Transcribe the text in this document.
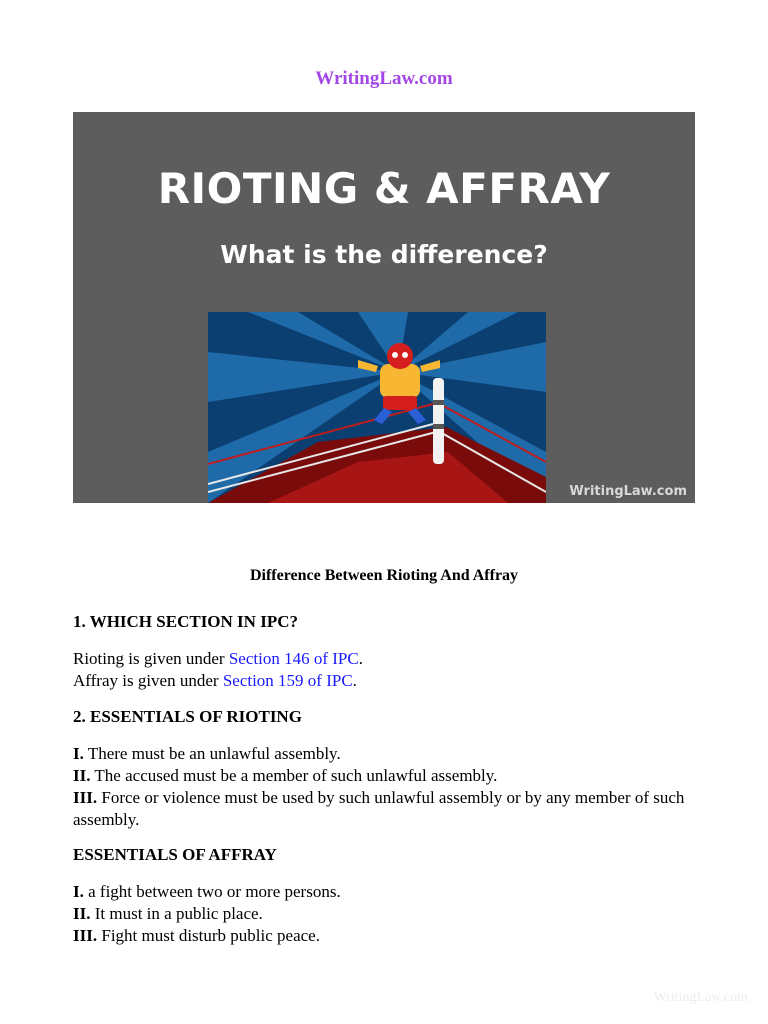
WritingLaw.com
RIOTING & AFFRAY
What is the difference?
WritingLaw.com
Difference Between Rioting And Affray
1. WHICH SECTION IN IPC?
Rioting is given under Section 146 of IPC.
Affray is given under Section 159 of IPC.
2. ESSENTIALS OF RIOTING
I. There must be an unlawful assembly.
II. The accused must be a member of such unlawful assembly.
III. Force or violence must be used by such unlawful assembly or by any member of such assembly.
ESSENTIALS OF AFFRAY
I. a fight between two or more persons.
II. It must in a public place.
III. Fight must disturb public peace.
WritingLaw.com
